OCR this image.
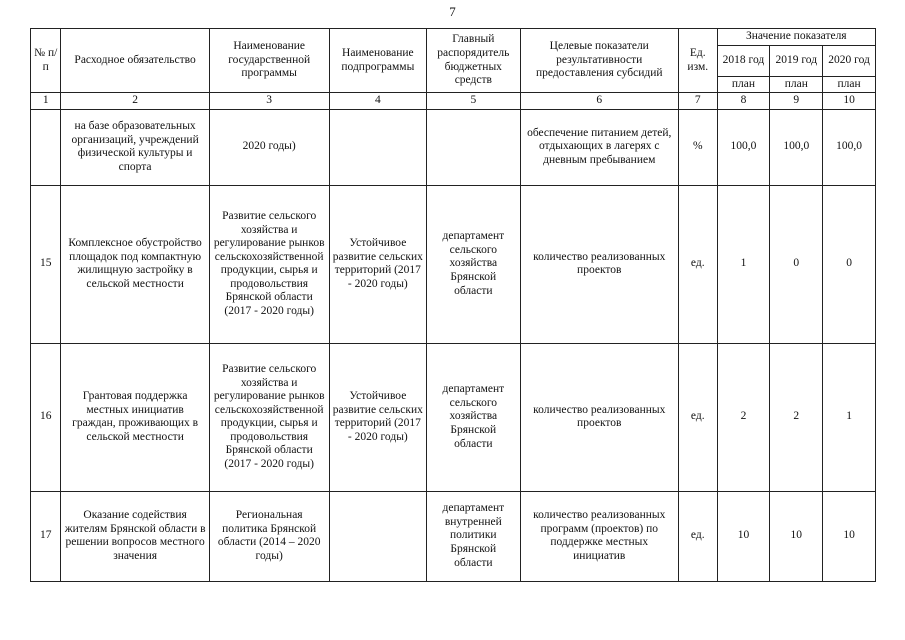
7
№ п/п	Расходное обязательство	Наименование государственной программы	Наименование подпрограммы	Главный распорядитель бюджетных средств	Целевые показатели результативности предоставления субсидий	Ед. изм.	Значение показателя		
							2018 год	2019 год	2020 год
							план	план	план
1	2	3	4	5	6	7	8	9	10
	на базе образовательных организаций, учреждений физической культуры и спорта	2020 годы)			обеспечение питанием детей, отдыхающих в лагерях с дневным пребыванием	%	100,0	100,0	100,0
15	Комплексное обустройство площадок под компактную жилищную застройку в сельской местности	Развитие сельского хозяйства и регулирование рынков сельскохозяйственной продукции, сырья и продовольствия Брянской области (2017 - 2020 годы)	Устойчивое развитие сельских территорий (2017 - 2020 годы)	департамент сельского хозяйства Брянской области	количество реализованных проектов	ед.	1	0	0
16	Грантовая поддержка местных инициатив граждан, проживающих в сельской местности	Развитие сельского хозяйства и регулирование рынков сельскохозяйственной продукции, сырья и продовольствия Брянской области (2017 - 2020 годы)	Устойчивое развитие сельских территорий (2017 - 2020 годы)	департамент сельского хозяйства Брянской области	количество реализованных проектов	ед.	2	2	1
17	Оказание содействия жителям Брянской области в решении вопросов местного значения	Региональная политика Брянской области (2014 – 2020 годы)		департамент внутренней политики Брянской области	количество реализованных программ (проектов) по поддержке местных инициатив	ед.	10	10	10
